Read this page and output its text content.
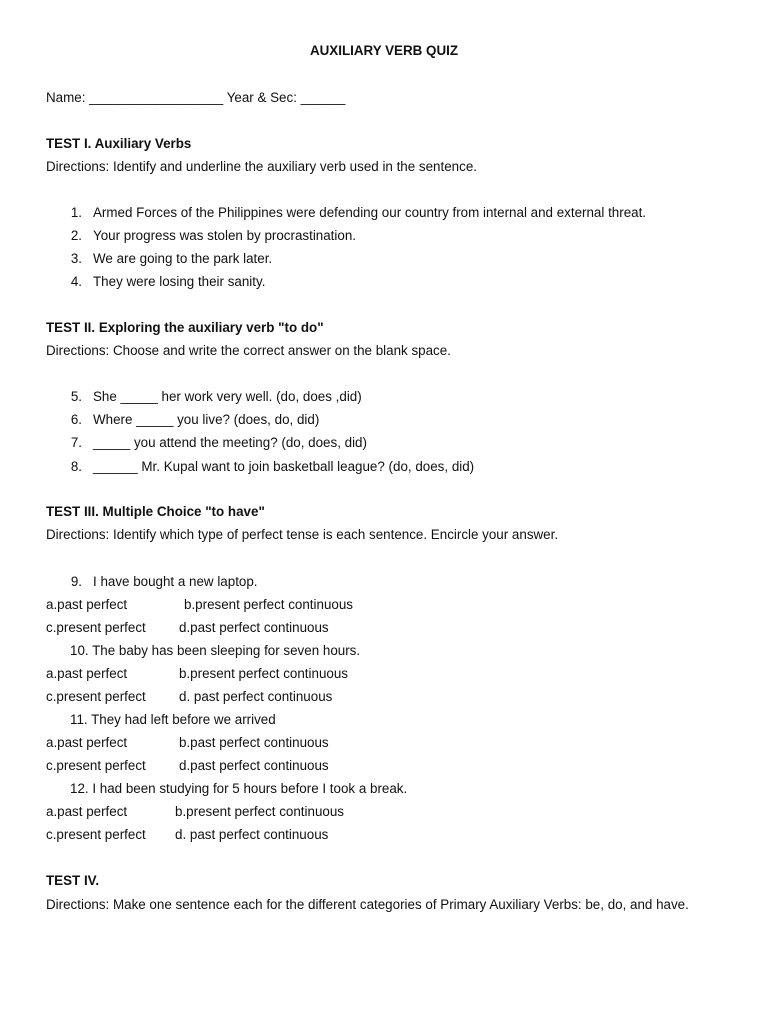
AUXILIARY VERB QUIZ
Name: __________________ Year & Sec: ______
TEST I. Auxiliary Verbs
Directions: Identify and underline the auxiliary verb used in the sentence.
1. Armed Forces of the Philippines were defending our country from internal and external threat.
2. Your progress was stolen by procrastination.
3. We are going to the park later.
4. They were losing their sanity.
TEST II. Exploring the auxiliary verb "to do"
Directions: Choose and write the correct answer on the blank space.
5. She _____ her work very well. (do, does ,did)
6. Where _____ you live? (does, do, did)
7. _____ you attend the meeting? (do, does, did)
8. ______ Mr. Kupal want to join basketball league? (do, does, did)
TEST III. Multiple Choice "to have"
Directions: Identify which type of perfect tense is each sentence. Encircle your answer.
9. I have bought a new laptop.
a.past perfect	b.present perfect continuous
c.present perfect d.past perfect continuous
10. The baby has been sleeping for seven hours.
a.past perfect	b.present perfect continuous
c.present perfect d. past perfect continuous
11. They had left before we arrived
a.past perfect	b.past perfect continuous
c.present perfect d.past perfect continuous
12. I had been studying for 5 hours before I took a break.
a.past perfect	b.present perfect continuous
c.present perfect d. past perfect continuous
TEST IV.
Directions: Make one sentence each for the different categories of Primary Auxiliary Verbs: be, do, and have.
